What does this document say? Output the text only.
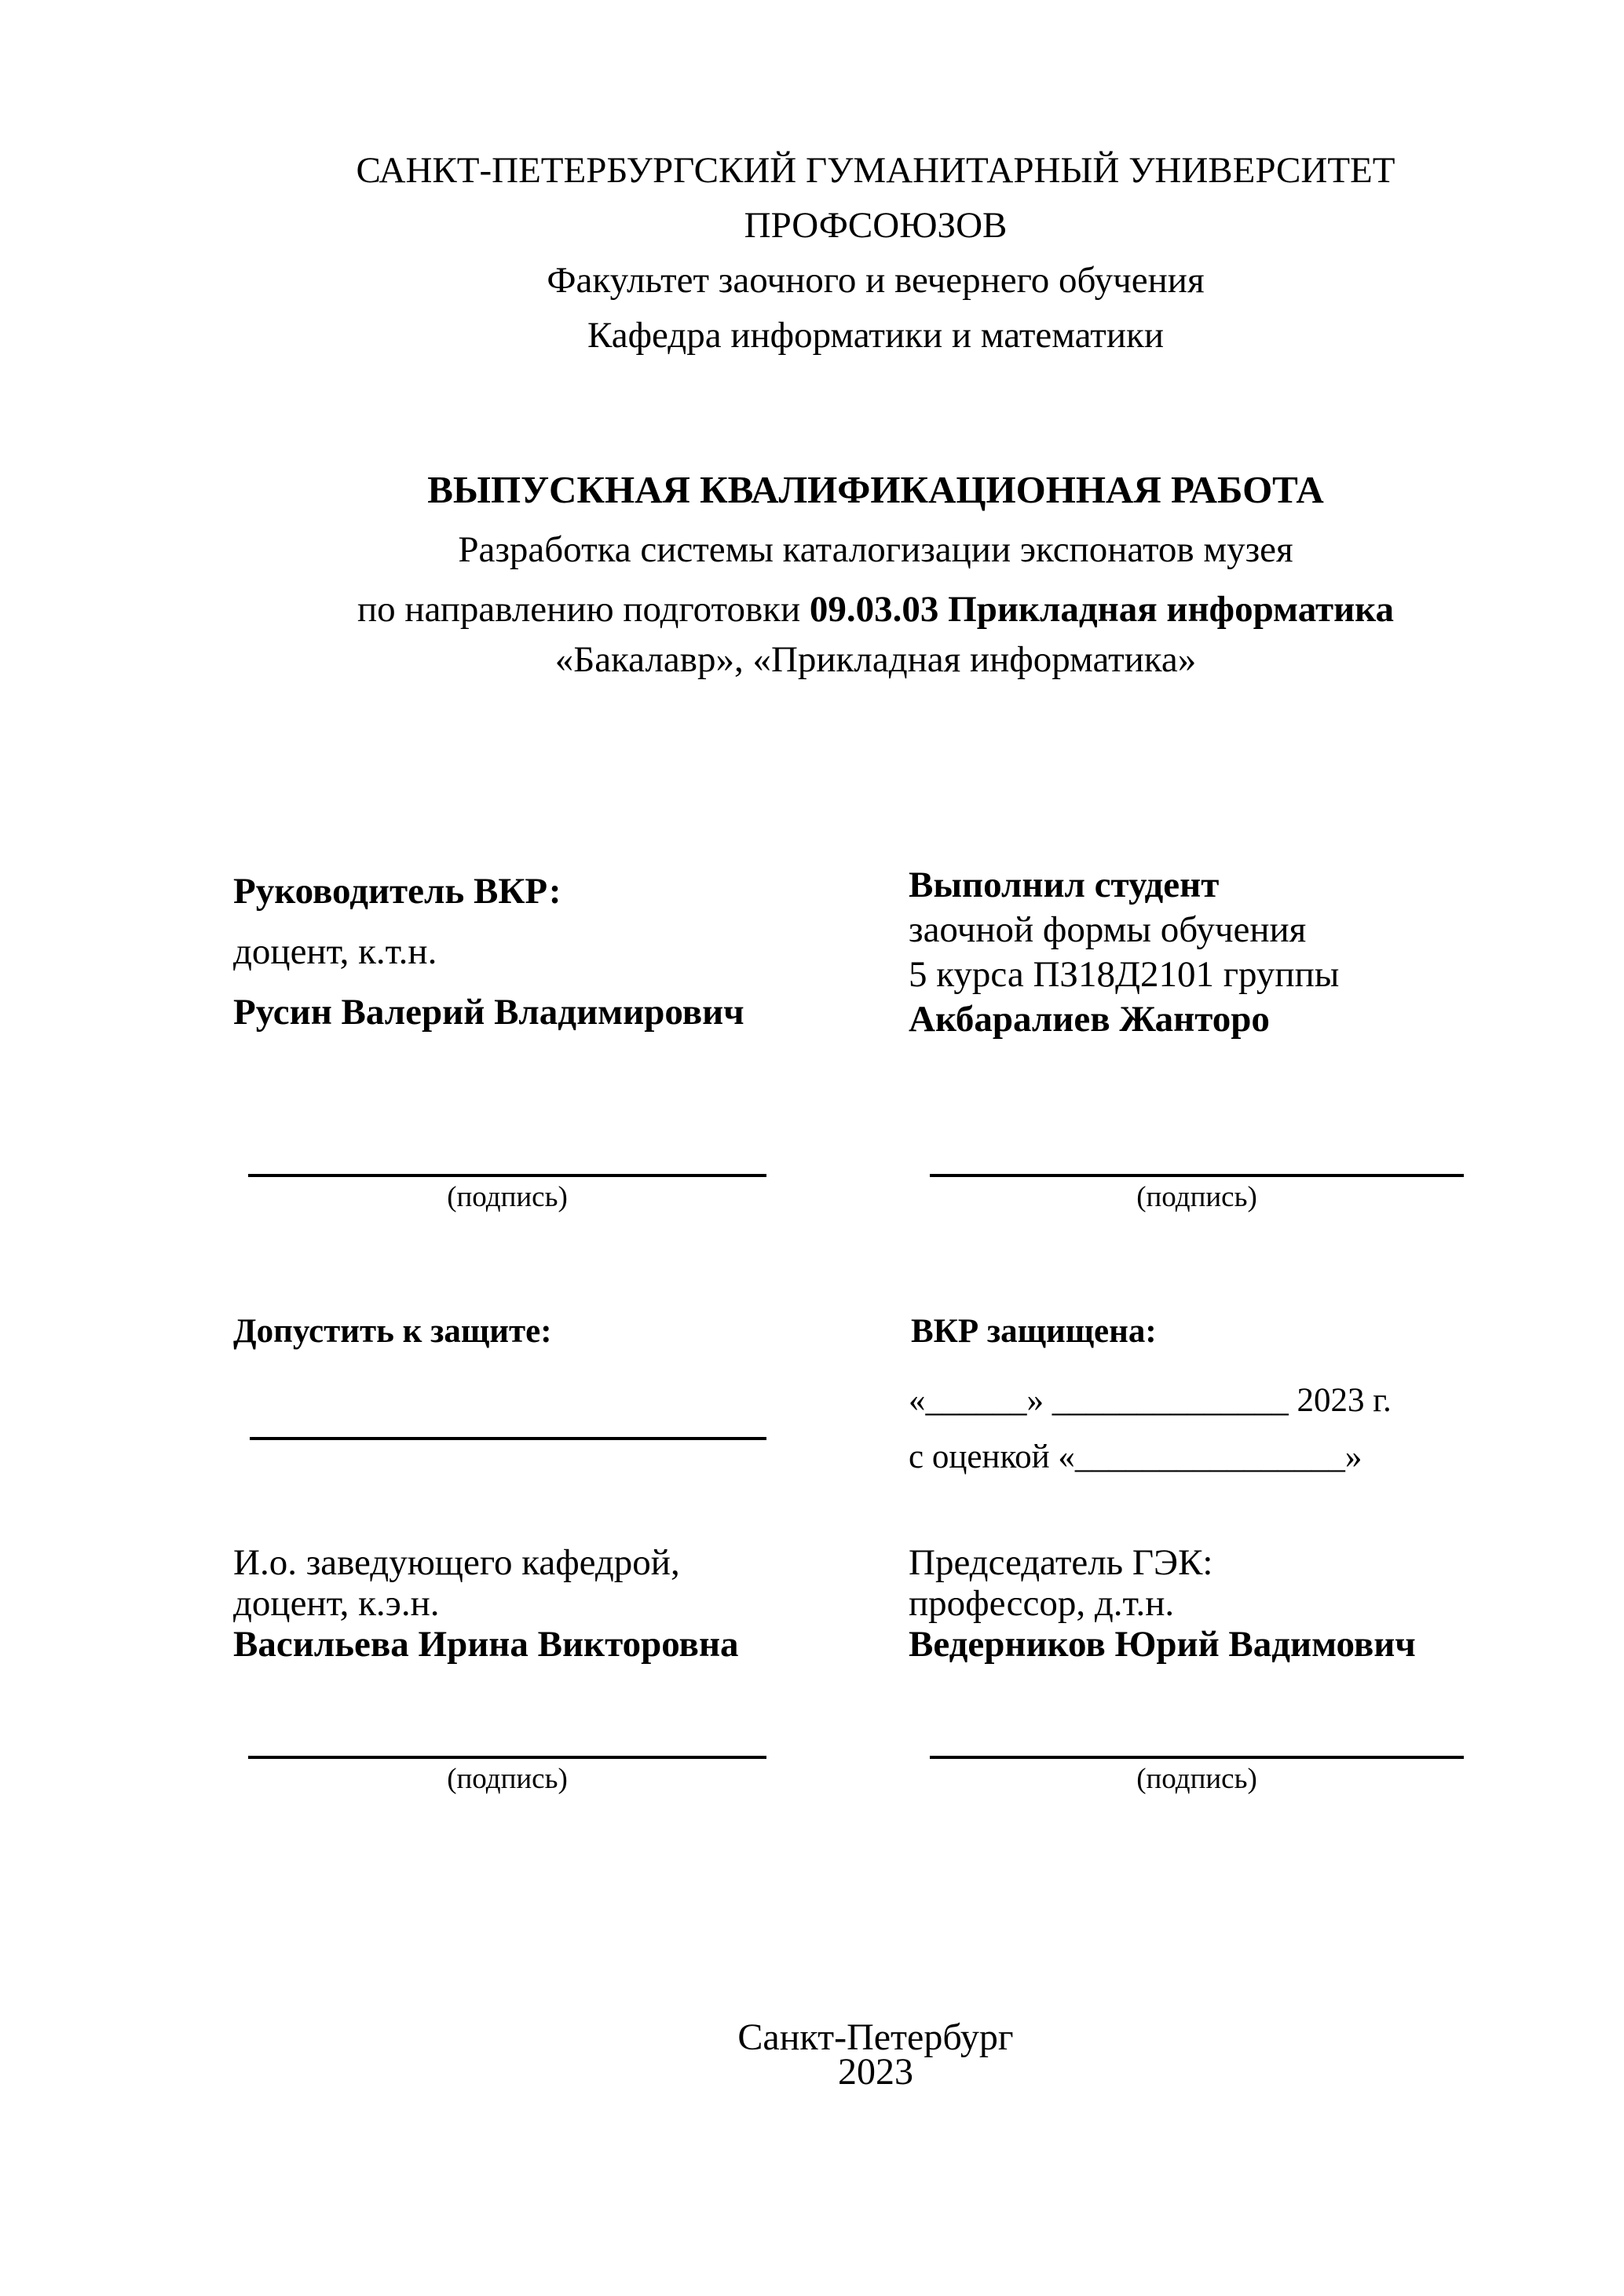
САНКТ-ПЕТЕРБУРГСКИЙ ГУМАНИТАРНЫЙ УНИВЕРСИТЕТ ПРОФСОЮЗОВ
Факультет заочного и вечернего обучения
Кафедра информатики и математики
ВЫПУСКНАЯ КВАЛИФИКАЦИОННАЯ РАБОТА
Разработка системы каталогизации экспонатов музея
по направлению подготовки 09.03.03 Прикладная информатика
«Бакалавр», «Прикладная информатика»
Руководитель ВКР:
доцент, к.т.н.
Русин Валерий Владимирович
Выполнил студент
заочной формы обучения
5 курса ПЗ18Д2101 группы
Акбаралиев Жанторо
(подпись)	(подпись)
Допустить к защите:	ВКР защищена:
«______» ______________ 2023 г.
с оценкой «________________»
И.о. заведующего кафедрой,
доцент, к.э.н.
Васильева Ирина Викторовна
Председатель ГЭК:
профессор, д.т.н.
Ведерников Юрий Вадимович
(подпись)	(подпись)
Санкт-Петербург
2023
